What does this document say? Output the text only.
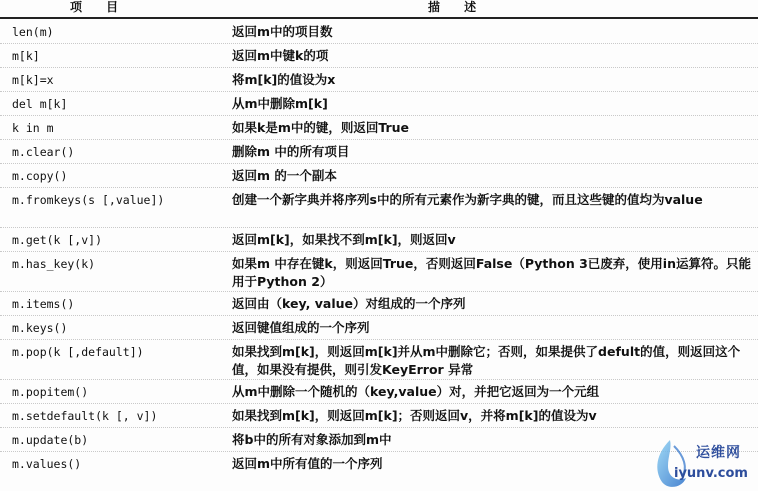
项 目	描 述
len(m)	返回m中的项目数
m[k]	返回m中键k的项
m[k]=x	将m[k]的值设为x
del m[k]	从m中删除m[k]
k in m	如果k是m中的键，则返回True
m.clear()	删除m 中的所有项目
m.copy()	返回m 的一个副本
m.fromkeys(s [,value])	创建一个新字典并将序列s中的所有元素作为新字典的键，而且这些键的值均为value
m.get(k [,v])	返回m[k]，如果找不到m[k]，则返回v
m.has_key(k)	如果m 中存在键k，则返回True，否则返回False（Python 3已废弃，使用in运算符。只能用于Python 2）
m.items()	返回由（key, value）对组成的一个序列
m.keys()	返回键值组成的一个序列
m.pop(k [,default])	如果找到m[k]，则返回m[k]并从m中删除它；否则，如果提供了defult的值，则返回这个值，如果没有提供，则引发KeyError 异常
m.popitem()	从m中删除一个随机的（key,value）对，并把它返回为一个元组
m.setdefault(k [, v])	如果找到m[k]，则返回m[k]；否则返回v，并将m[k]的值设为v
m.update(b)	将b中的所有对象添加到m中
m.values()	返回m中所有值的一个序列
运维网
iyunv.com
